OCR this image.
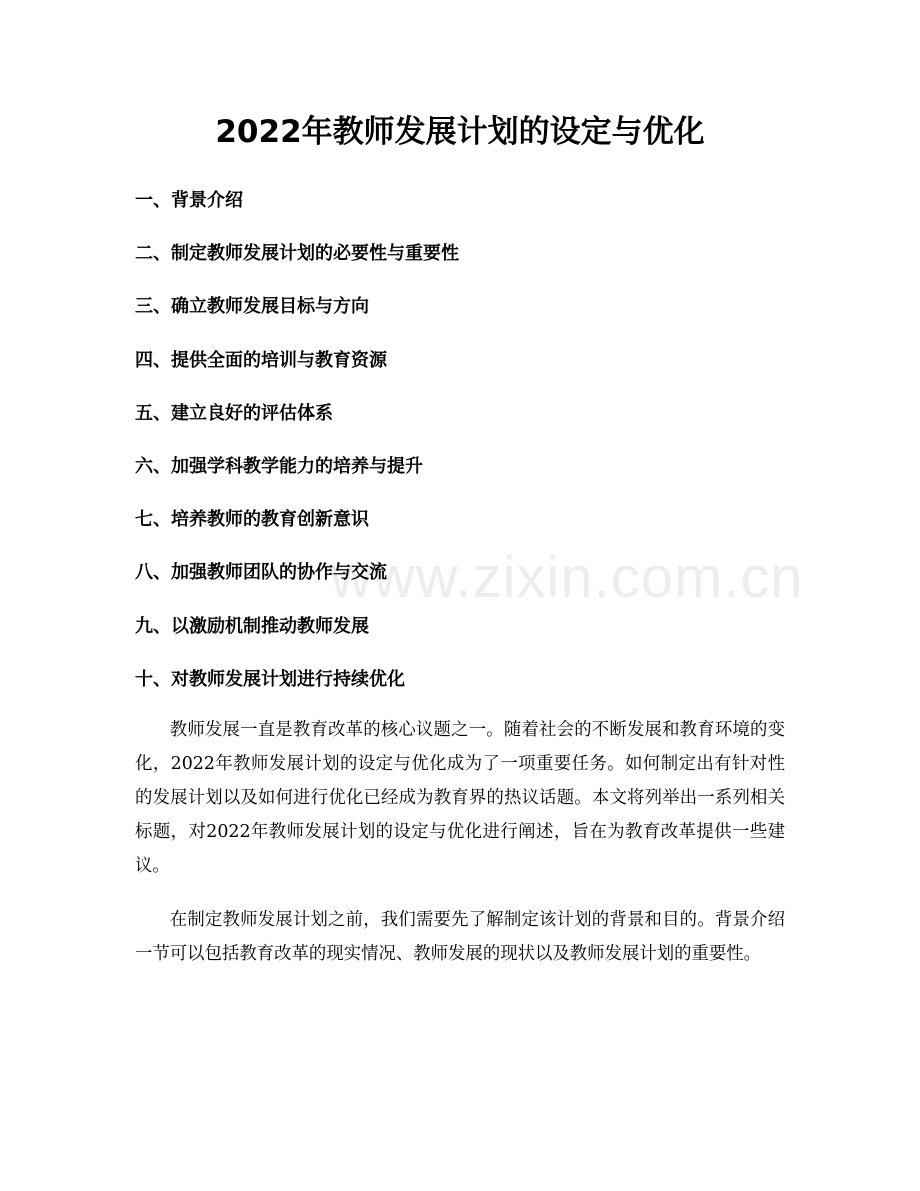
www.zixin.com.cn
2022年教师发展计划的设定与优化
一、背景介绍
二、制定教师发展计划的必要性与重要性
三、确立教师发展目标与方向
四、提供全面的培训与教育资源
五、建立良好的评估体系
六、加强学科教学能力的培养与提升
七、培养教师的教育创新意识
八、加强教师团队的协作与交流
九、以激励机制推动教师发展
十、对教师发展计划进行持续优化

教师发展一直是教育改革的核心议题之一。随着社会的不断发展和教育环境的变化，2022年教师发展计划的设定与优化成为了一项重要任务。如何制定出有针对性的发展计划以及如何进行优化已经成为教育界的热议话题。本文将列举出一系列相关标题，对2022年教师发展计划的设定与优化进行阐述，旨在为教育改革提供一些建议。

在制定教师发展计划之前，我们需要先了解制定该计划的背景和目的。背景介绍一节可以包括教育改革的现实情况、教师发展的现状以及教师发展计划的重要性。
